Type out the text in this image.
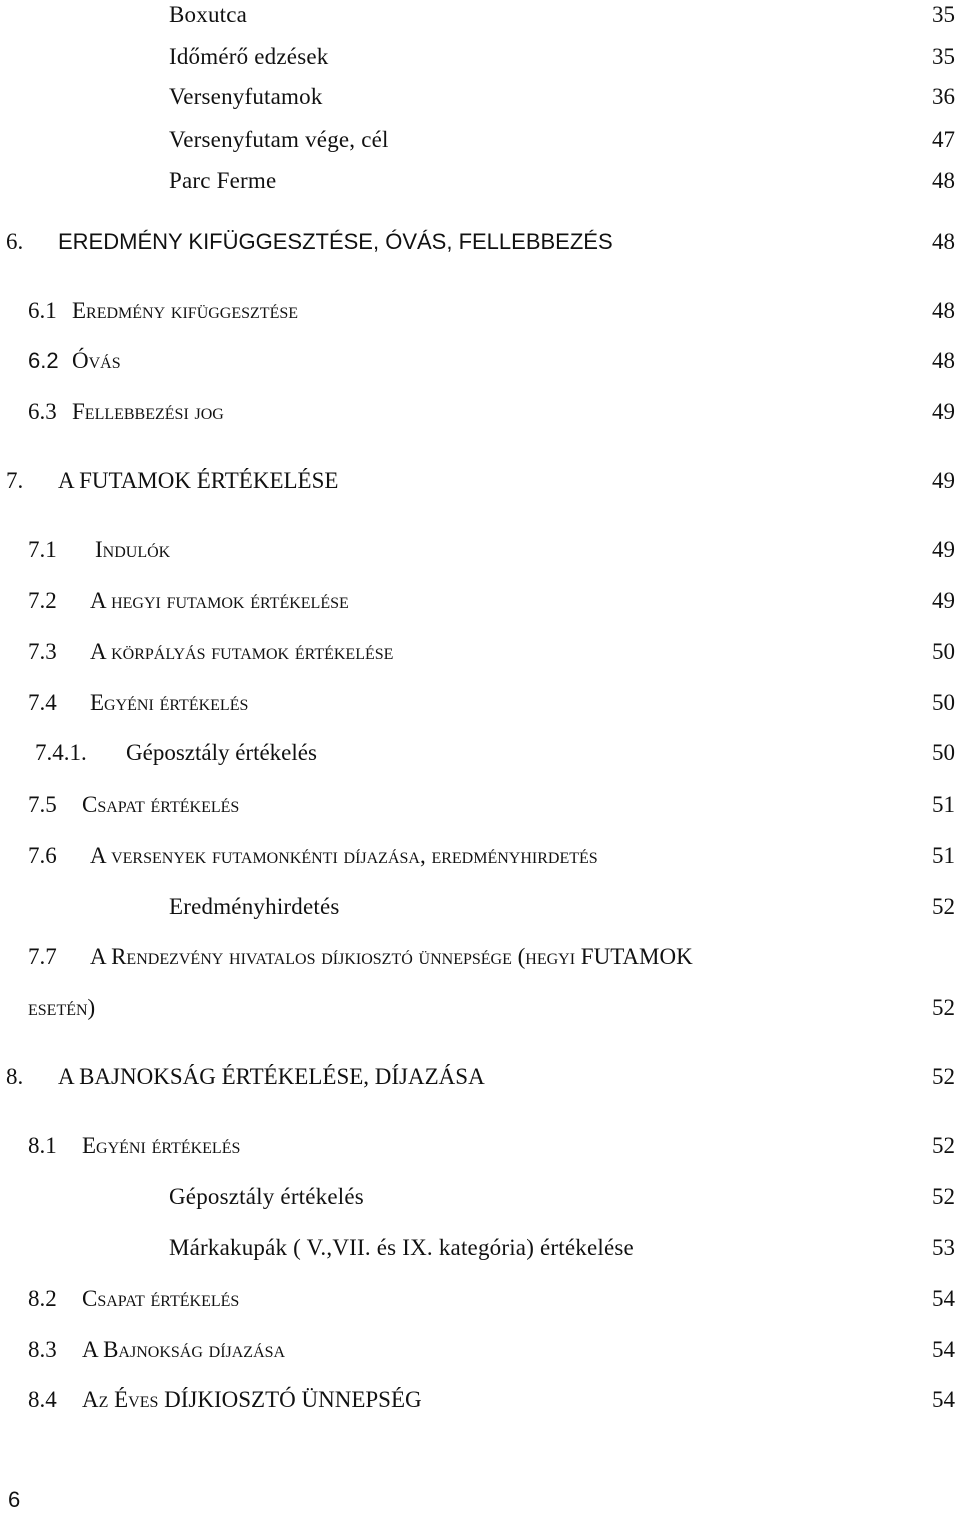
Boxutca	35
Időmérő edzések	35
Versenyfutamok	36
Versenyfutam vége, cél	47
Parc Ferme	48
6. EREDMÉNY KIFÜGGESZTÉSE, ÓVÁS, FELLEBBEZÉS	48
6.1 Eredmény kifüggesztése	48
6.2 Óvás	48
6.3 Fellebbezési jog	49
7. A FUTAMOK ÉRTÉKELÉSE	49
7.1 Indulók	49
7.2 A hegyi futamok értékelése	49
7.3 A körpályás futamok értékelése	50
7.4 Egyéni értékelés	50
7.4.1. Géposztály értékelés	50
7.5 Csapat értékelés	51
7.6 A versenyek futamonkénti díjazása, eredményhirdetés	51
Eredményhirdetés	52
7.7 A Rendezvény hivatalos díjkiosztó ünnepsége (hegyi FUTAMOK
esetén)	52
8. A BAJNOKSÁG ÉRTÉKELÉSE, DÍJAZÁSA	52
8.1 Egyéni értékelés	52
Géposztály értékelés	52
Márkakupák ( V.,VII. és IX. kategória) értékelése	53
8.2 Csapat értékelés	54
8.3 A Bajnokság díjazása	54
8.4 Az Éves DÍJKIOSZTÓ ÜNNEPSÉG	54
6
